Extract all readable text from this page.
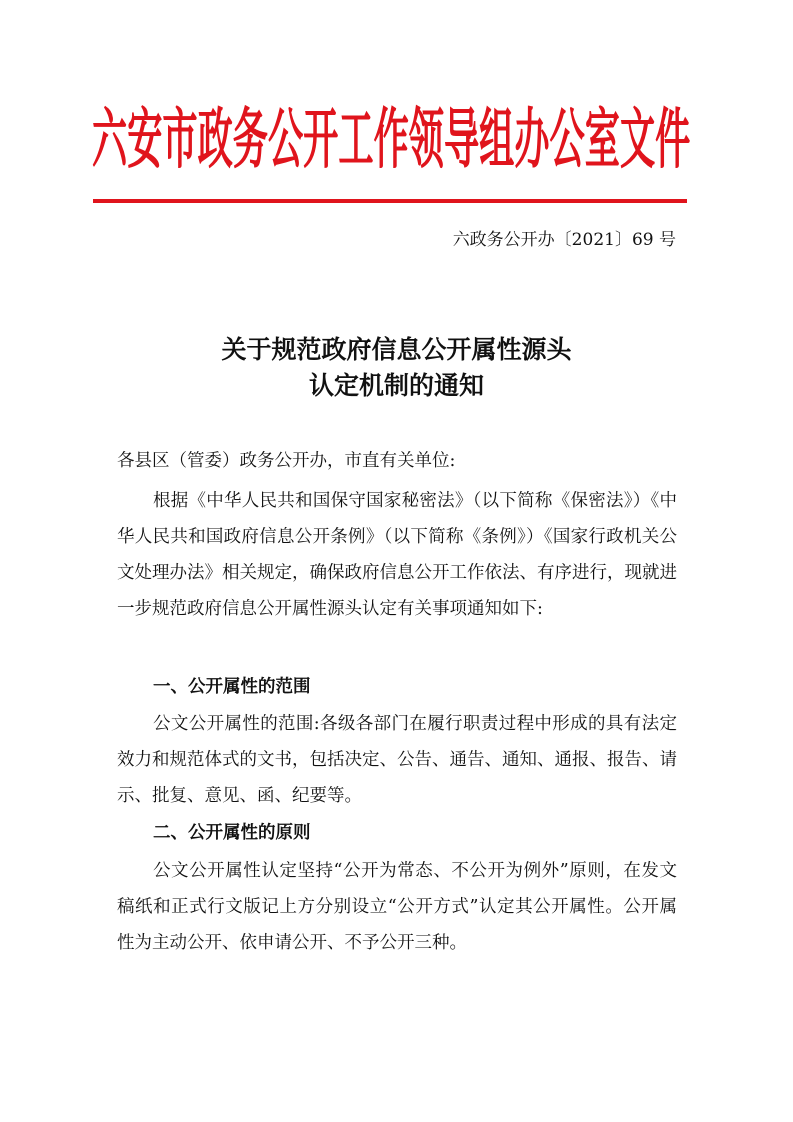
六安市政务公开工作领导组办公室文件
六政务公开办〔2021〕69 号
关于规范政府信息公开属性源头
认定机制的通知
各县区（管委）政务公开办，市直有关单位:

根据《中华人民共和国保守国家秘密法》（以下简称《保密法》）《中华人民共和国政府信息公开条例》（以下简称《条例》）《国家行政机关公文处理办法》相关规定，确保政府信息公开工作依法、有序进行，现就进一步规范政府信息公开属性源头认定有关事项通知如下:

一、公开属性的范围

公文公开属性的范围:各级各部门在履行职责过程中形成的具有法定效力和规范体式的文书，包括决定、公告、通告、通知、通报、报告、请示、批复、意见、函、纪要等。

二、公开属性的原则

公文公开属性认定坚持“公开为常态、不公开为例外”原则，在发文稿纸和正式行文版记上方分别设立“公开方式”认定其公开属性。公开属性为主动公开、依申请公开、不予公开三种。
